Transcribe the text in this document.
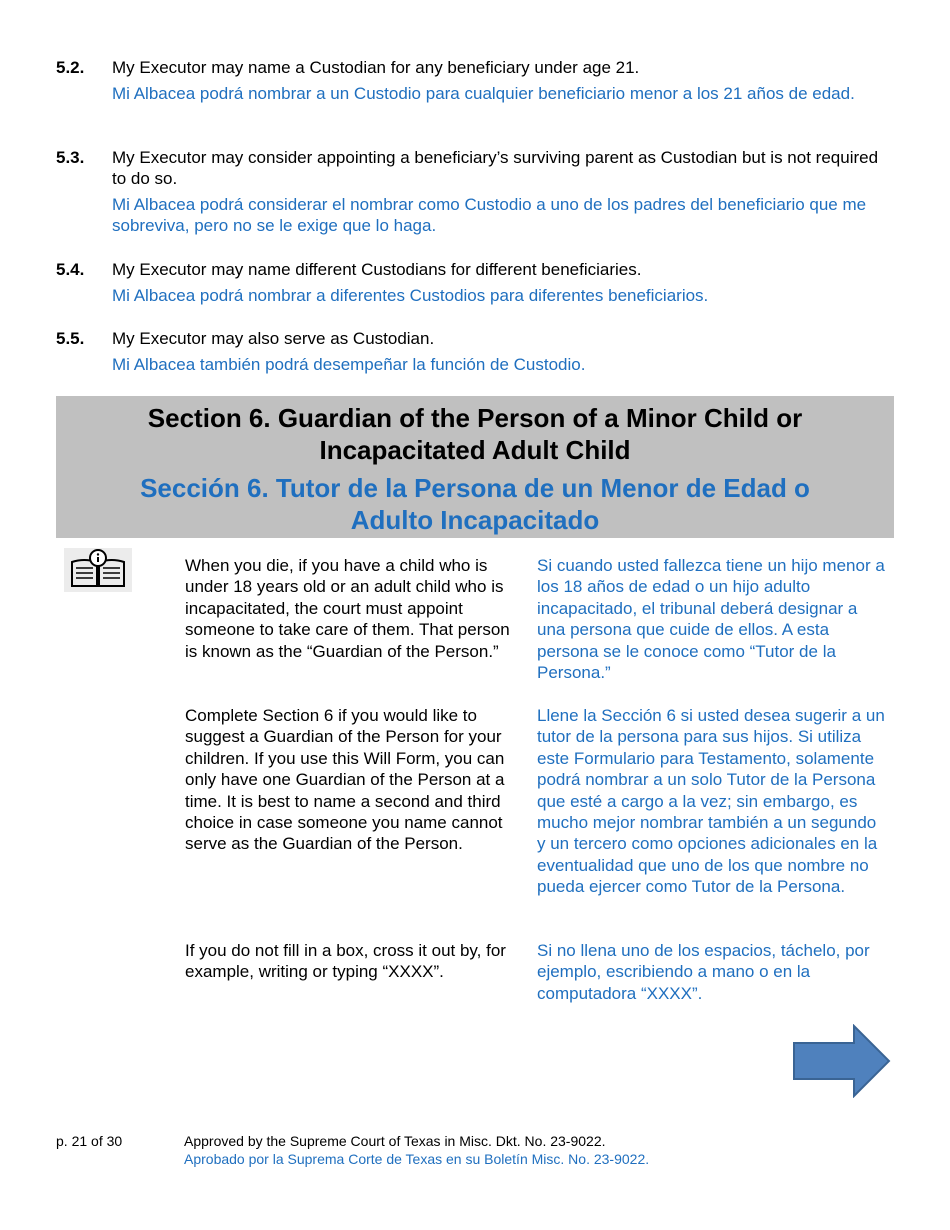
5.2. My Executor may name a Custodian for any beneficiary under age 21.
Mi Albacea podrá nombrar a un Custodio para cualquier beneficiario menor a los 21 años de edad.
5.3. My Executor may consider appointing a beneficiary’s surviving parent as Custodian but is not required to do so.
Mi Albacea podrá considerar el nombrar como Custodio a uno de los padres del beneficiario que me sobreviva, pero no se le exige que lo haga.
5.4. My Executor may name different Custodians for different beneficiaries.
Mi Albacea podrá nombrar a diferentes Custodios para diferentes beneficiarios.
5.5. My Executor may also serve as Custodian.
Mi Albacea también podrá desempeñar la función de Custodio.
Section 6. Guardian of the Person of a Minor Child or
Incapacitated Adult Child
Sección 6. Tutor de la Persona de un Menor de Edad o
Adulto Incapacitado
When you die, if you have a child who is under 18 years old or an adult child who is incapacitated, the court must appoint someone to take care of them. That person is known as the “Guardian of the Person.”
Si cuando usted fallezca tiene un hijo menor a los 18 años de edad o un hijo adulto incapacitado, el tribunal deberá designar a una persona que cuide de ellos. A esta persona se le conoce como “Tutor de la Persona.”
Complete Section 6 if you would like to suggest a Guardian of the Person for your children. If you use this Will Form, you can only have one Guardian of the Person at a time. It is best to name a second and third choice in case someone you name cannot serve as the Guardian of the Person.
Llene la Sección 6 si usted desea sugerir a un tutor de la persona para sus hijos. Si utiliza este Formulario para Testamento, solamente podrá nombrar a un solo Tutor de la Persona que esté a cargo a la vez; sin embargo, es mucho mejor nombrar también a un segundo y un tercero como opciones adicionales en la eventualidad que uno de los que nombre no pueda ejercer como Tutor de la Persona.
If you do not fill in a box, cross it out by, for example, writing or typing “XXXX”.
Si no llena uno de los espacios, táchelo, por ejemplo, escribiendo a mano o en la computadora “XXXX”.
p. 21 of 30	Approved by the Supreme Court of Texas in Misc. Dkt. No. 23-9022.
Aprobado por la Suprema Corte de Texas en su Boletín Misc. No. 23-9022.
